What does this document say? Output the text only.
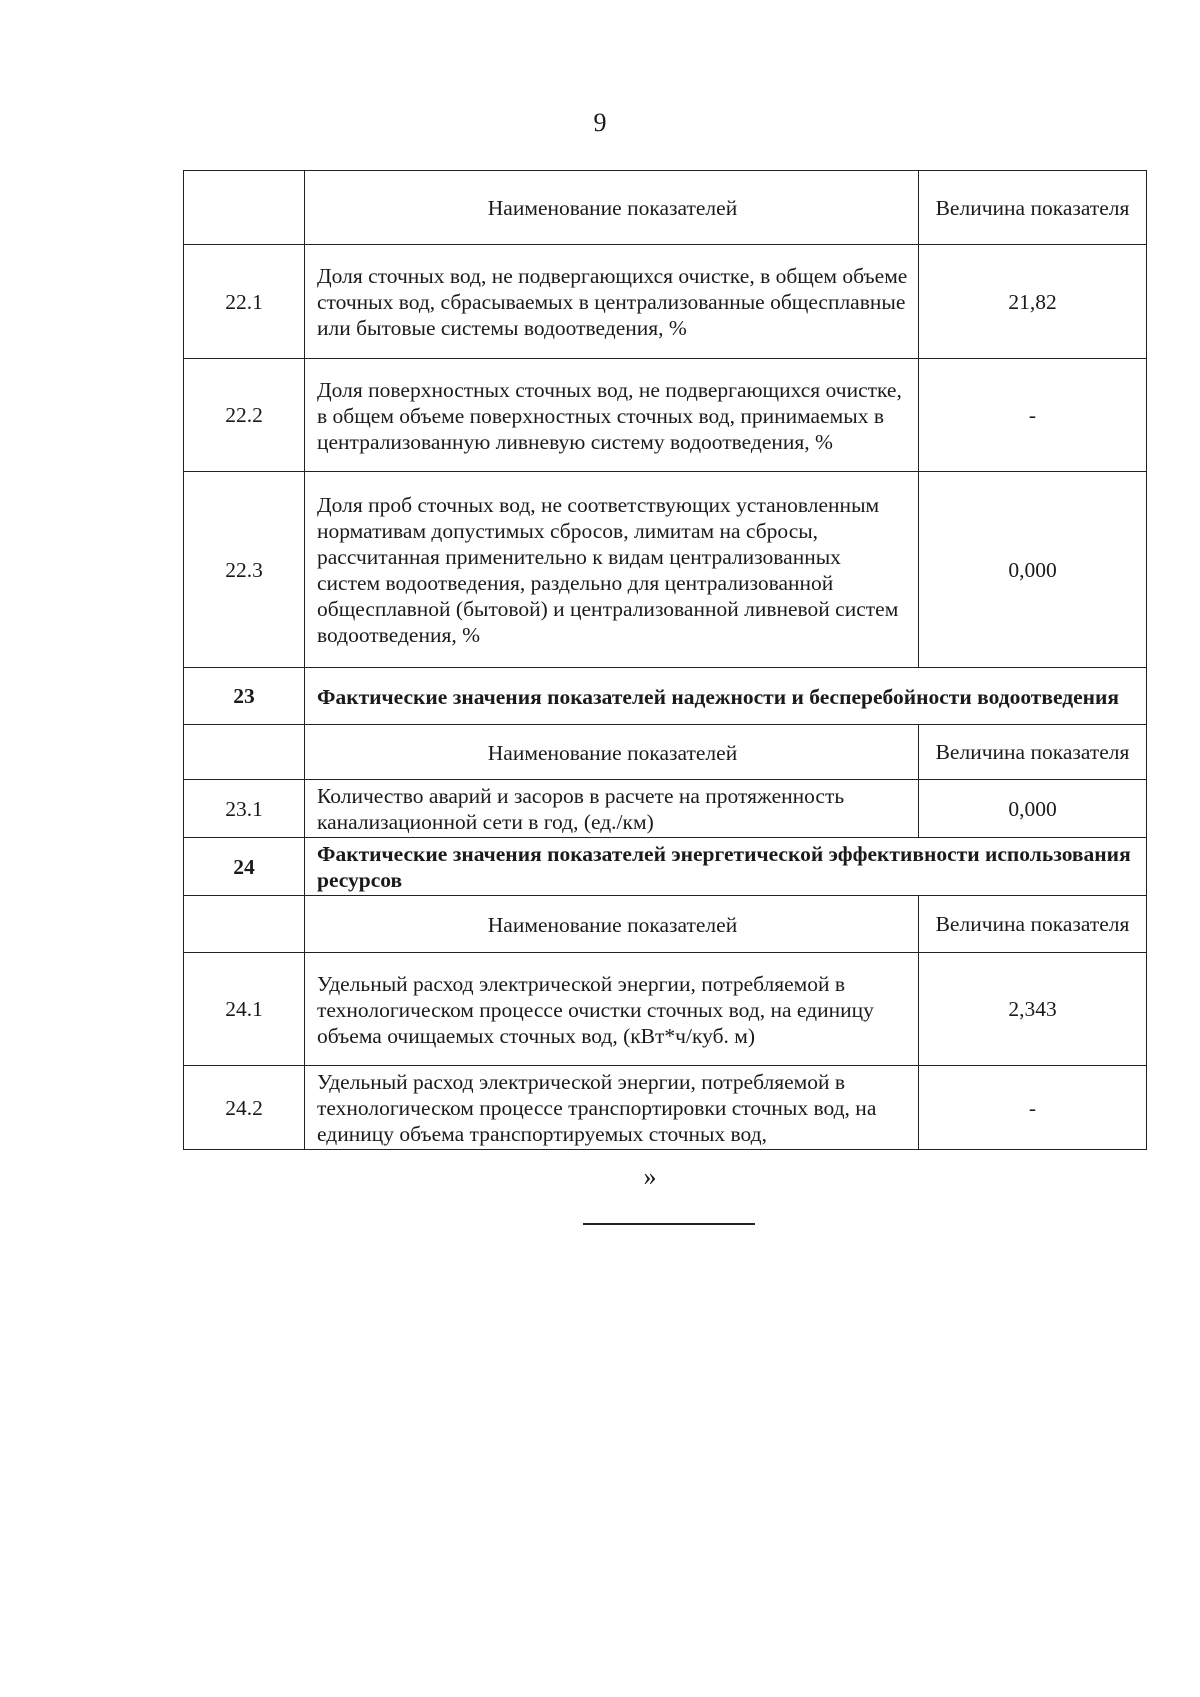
9
	Наименование показателей	Величина показателя
22.1	Доля сточных вод, не подвергающихся очистке, в общем объеме сточных вод, сбрасываемых в централизованные общесплавные или бытовые системы водоотведения, %	21,82
22.2	Доля поверхностных сточных вод, не подвергающихся очистке, в общем объеме поверхностных сточных вод, принимаемых в централизованную ливневую систему водоотведения, %	-
22.3	Доля проб сточных вод, не соответствующих установленным нормативам допустимых сбросов, лимитам на сбросы, рассчитанная применительно к видам централизованных систем водоотведения, раздельно для централизованной общесплавной (бытовой) и централизованной ливневой систем водоотведения, %	0,000
23	Фактические значения показателей надежности и бесперебойности водоотведения	
	Наименование показателей	Величина показателя
23.1	Количество аварий и засоров в расчете на протяженность канализационной сети в год, (ед./км)	0,000
24	Фактические значения показателей энергетической эффективности использования ресурсов	
	Наименование показателей	Величина показателя
24.1	Удельный расход электрической энергии, потребляемой в технологическом процессе очистки сточных вод, на единицу объема очищаемых сточных вод, (кВт*ч/куб. м)	2,343
24.2	Удельный расход электрической энергии, потребляемой в технологическом процессе транспортировки сточных вод, на единицу объема транспортируемых сточных вод,	-
»
